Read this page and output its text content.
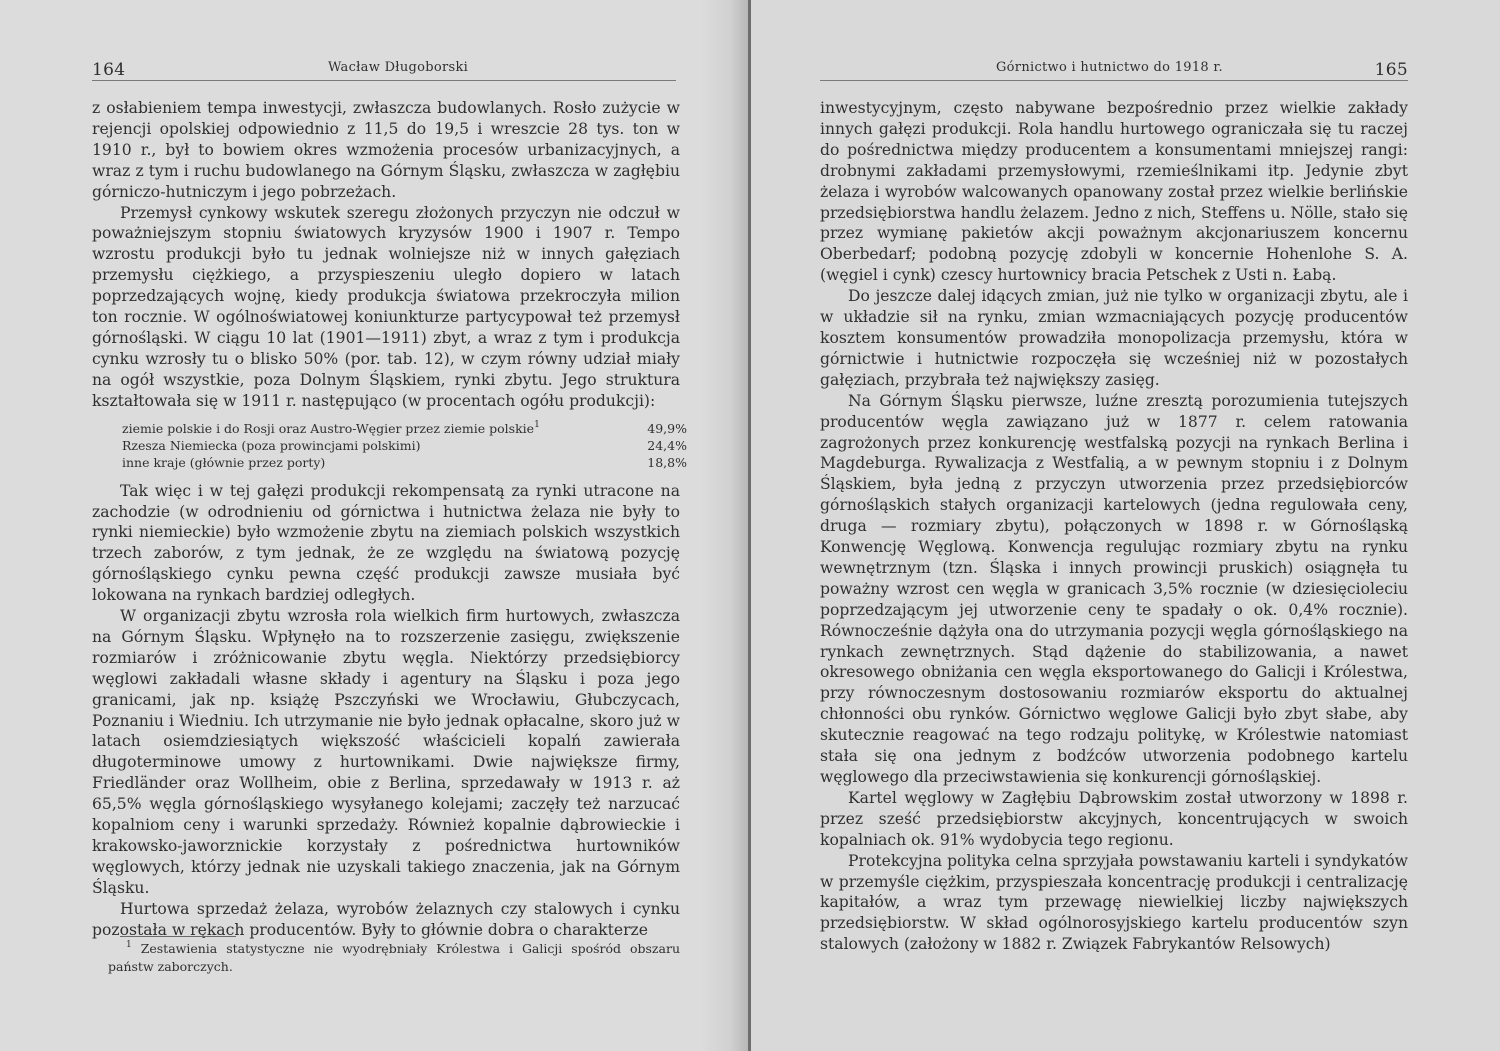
164	Wacław Długoborski

z osłabieniem tempa inwestycji, zwłaszcza budowlanych. Rosło zużycie w rejencji opolskiej odpowiednio z 11,5 do 19,5 i wreszcie 28 tys. ton w 1910 r., był to bowiem okres wzmożenia procesów urbanizacyjnych, a wraz z tym i ruchu budowlanego na Górnym Śląsku, zwłaszcza w zagłębiu górniczo-hutniczym i jego pobrzeżach.

Przemysł cynkowy wskutek szeregu złożonych przyczyn nie odczuł w poważniejszym stopniu światowych kryzysów 1900 i 1907 r. Tempo wzrostu produkcji było tu jednak wolniejsze niż w innych gałęziach przemysłu ciężkiego, a przyspieszeniu uległo dopiero w latach poprzedzających wojnę, kiedy produkcja światowa przekroczyła milion ton rocznie. W ogólnoświatowej koniunkturze partycypował też przemysł górnośląski. W ciągu 10 lat (1901—1911) zbyt, a wraz z tym i produkcja cynku wzrosły tu o blisko 50% (por. tab. 12), w czym równy udział miały na ogół wszystkie, poza Dolnym Śląskiem, rynki zbytu. Jego struktura kształtowała się w 1911 r. następująco (w procentach ogółu produkcji):

ziemie polskie i do Rosji oraz Austro-Węgier przez ziemie polskie$^1$	49,9%
Rzesza Niemiecka (poza prowincjami polskimi)	24,4%
inne kraje (głównie przez porty)	18,8%

Tak więc i w tej gałęzi produkcji rekompensatą za rynki utracone na zachodzie (w odrodnieniu od górnictwa i hutnictwa żelaza nie były to rynki niemieckie) było wzmożenie zbytu na ziemiach polskich wszystkich trzech zaborów, z tym jednak, że ze względu na światową pozycję górnośląskiego cynku pewna część produkcji zawsze musiała być lokowana na rynkach bardziej odległych.

W organizacji zbytu wzrosła rola wielkich firm hurtowych, zwłaszcza na Górnym Śląsku. Wpłynęło na to rozszerzenie zasięgu, zwiększenie rozmiarów i zróżnicowanie zbytu węgla. Niektórzy przedsiębiorcy węglowi zakładali własne składy i agentury na Śląsku i poza jego granicami, jak np. książę Pszczyński we Wrocławiu, Głubczycach, Poznaniu i Wiedniu. Ich utrzymanie nie było jednak opłacalne, skoro już w latach osiemdziesiątych większość właścicieli kopalń zawierała długoterminowe umowy z hurtownikami. Dwie największe firmy, Friedländer oraz Wollheim, obie z Berlina, sprzedawały w 1913 r. aż 65,5% węgla górnośląskiego wysyłanego kolejami; zaczęły też narzucać kopalniom ceny i warunki sprzedaży. Również kopalnie dąbrowieckie i krakowsko-jaworznickie korzystały z pośrednictwa hurtowników węglowych, którzy jednak nie uzyskali takiego znaczenia, jak na Górnym Śląsku.

Hurtowa sprzedaż żelaza, wyrobów żelaznych czy stalowych i cynku pozostała w rękach producentów. Były to głównie dobra o charakterze

$^1$ Zestawienia statystyczne nie wyodrębniały Królestwa i Galicji spośród obszaru państw zaborczych.
Górnictwo i hutnictwo do 1918 r.	165

inwestycyjnym, często nabywane bezpośrednio przez wielkie zakłady innych gałęzi produkcji. Rola handlu hurtowego ograniczała się tu raczej do pośrednictwa między producentem a konsumentami mniejszej rangi: drobnymi zakładami przemysłowymi, rzemieślnikami itp. Jedynie zbyt żelaza i wyrobów walcowanych opanowany został przez wielkie berlińskie przedsiębiorstwa handlu żelazem. Jedno z nich, Steffens u. Nölle, stało się przez wymianę pakietów akcji poważnym akcjonariuszem koncernu Oberbedarf; podobną pozycję zdobyli w koncernie Hohenlohe S. A. (węgiel i cynk) czescy hurtownicy bracia Petschek z Usti n. Łabą.

Do jeszcze dalej idących zmian, już nie tylko w organizacji zbytu, ale i w układzie sił na rynku, zmian wzmacniających pozycję producentów kosztem konsumentów prowadziła monopolizacja przemysłu, która w górnictwie i hutnictwie rozpoczęła się wcześniej niż w pozostałych gałęziach, przybrała też największy zasięg.

Na Górnym Śląsku pierwsze, luźne zresztą porozumienia tutejszych producentów węgla zawiązano już w 1877 r. celem ratowania zagrożonych przez konkurencję westfalską pozycji na rynkach Berlina i Magdeburga. Rywalizacja z Westfalią, a w pewnym stopniu i z Dolnym Śląskiem, była jedną z przyczyn utworzenia przez przedsiębiorców górnośląskich stałych organizacji kartelowych (jedna regulowała ceny, druga — rozmiary zbytu), połączonych w 1898 r. w Górnośląską Konwencję Węglową. Konwencja regulując rozmiary zbytu na rynku wewnętrznym (tzn. Śląska i innych prowincji pruskich) osiągnęła tu poważny wzrost cen węgla w granicach 3,5% rocznie (w dziesięcioleciu poprzedzającym jej utworzenie ceny te spadały o ok. 0,4% rocznie). Równocześnie dążyła ona do utrzymania pozycji węgla górnośląskiego na rynkach zewnętrznych. Stąd dążenie do stabilizowania, a nawet okresowego obniżania cen węgla eksportowanego do Galicji i Królestwa, przy równoczesnym dostosowaniu rozmiarów eksportu do aktualnej chłonności obu rynków. Górnictwo węglowe Galicji było zbyt słabe, aby skutecznie reagować na tego rodzaju politykę, w Królestwie natomiast stała się ona jednym z bodźców utworzenia podobnego kartelu węglowego dla przeciwstawienia się konkurencji górnośląskiej.

Kartel węglowy w Zagłębiu Dąbrowskim został utworzony w 1898 r. przez sześć przedsiębiorstw akcyjnych, koncentrujących w swoich kopalniach ok. 91% wydobycia tego regionu.

Protekcyjna polityka celna sprzyjała powstawaniu karteli i syndykatów w przemyśle ciężkim, przyspieszała koncentrację produkcji i centralizację kapitałów, a wraz tym przewagę niewielkiej liczby największych przedsiębiorstw. W skład ogólnorosyjskiego kartelu producentów szyn stalowych (założony w 1882 r. Związek Fabrykantów Relsowych)
